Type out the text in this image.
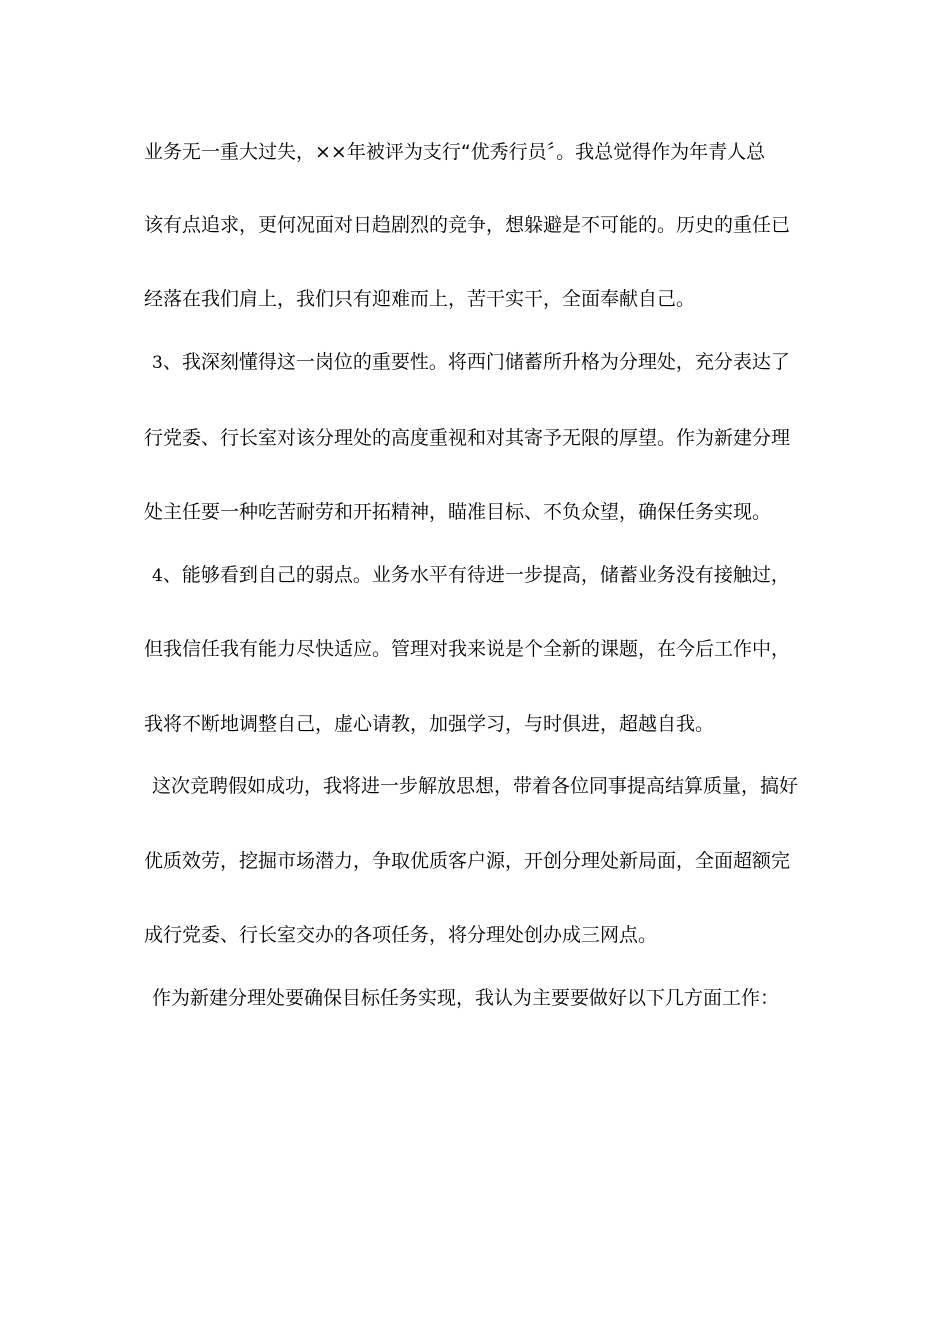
业务无一重大过失，××年被评为支行“优秀行员〞。我总觉得作为年青人总
该有点追求，更何况面对日趋剧烈的竞争，想躲避是不可能的。历史的重任已
经落在我们肩上，我们只有迎难而上，苦干实干，全面奉献自己。
3、我深刻懂得这一岗位的重要性。将西门储蓄所升格为分理处，充分表达了
行党委、行长室对该分理处的高度重视和对其寄予无限的厚望。作为新建分理
处主任要一种吃苦耐劳和开拓精神，瞄准目标、不负众望，确保任务实现。
4、能够看到自己的弱点。业务水平有待进一步提高，储蓄业务没有接触过，
但我信任我有能力尽快适应。管理对我来说是个全新的课题，在今后工作中，
我将不断地调整自己，虚心请教，加强学习，与时俱进，超越自我。
这次竞聘假如成功，我将进一步解放思想，带着各位同事提高结算质量，搞好
优质效劳，挖掘市场潜力，争取优质客户源，开创分理处新局面，全面超额完
成行党委、行长室交办的各项任务，将分理处创办成三网点。
作为新建分理处要确保目标任务实现，我认为主要要做好以下几方面工作：
